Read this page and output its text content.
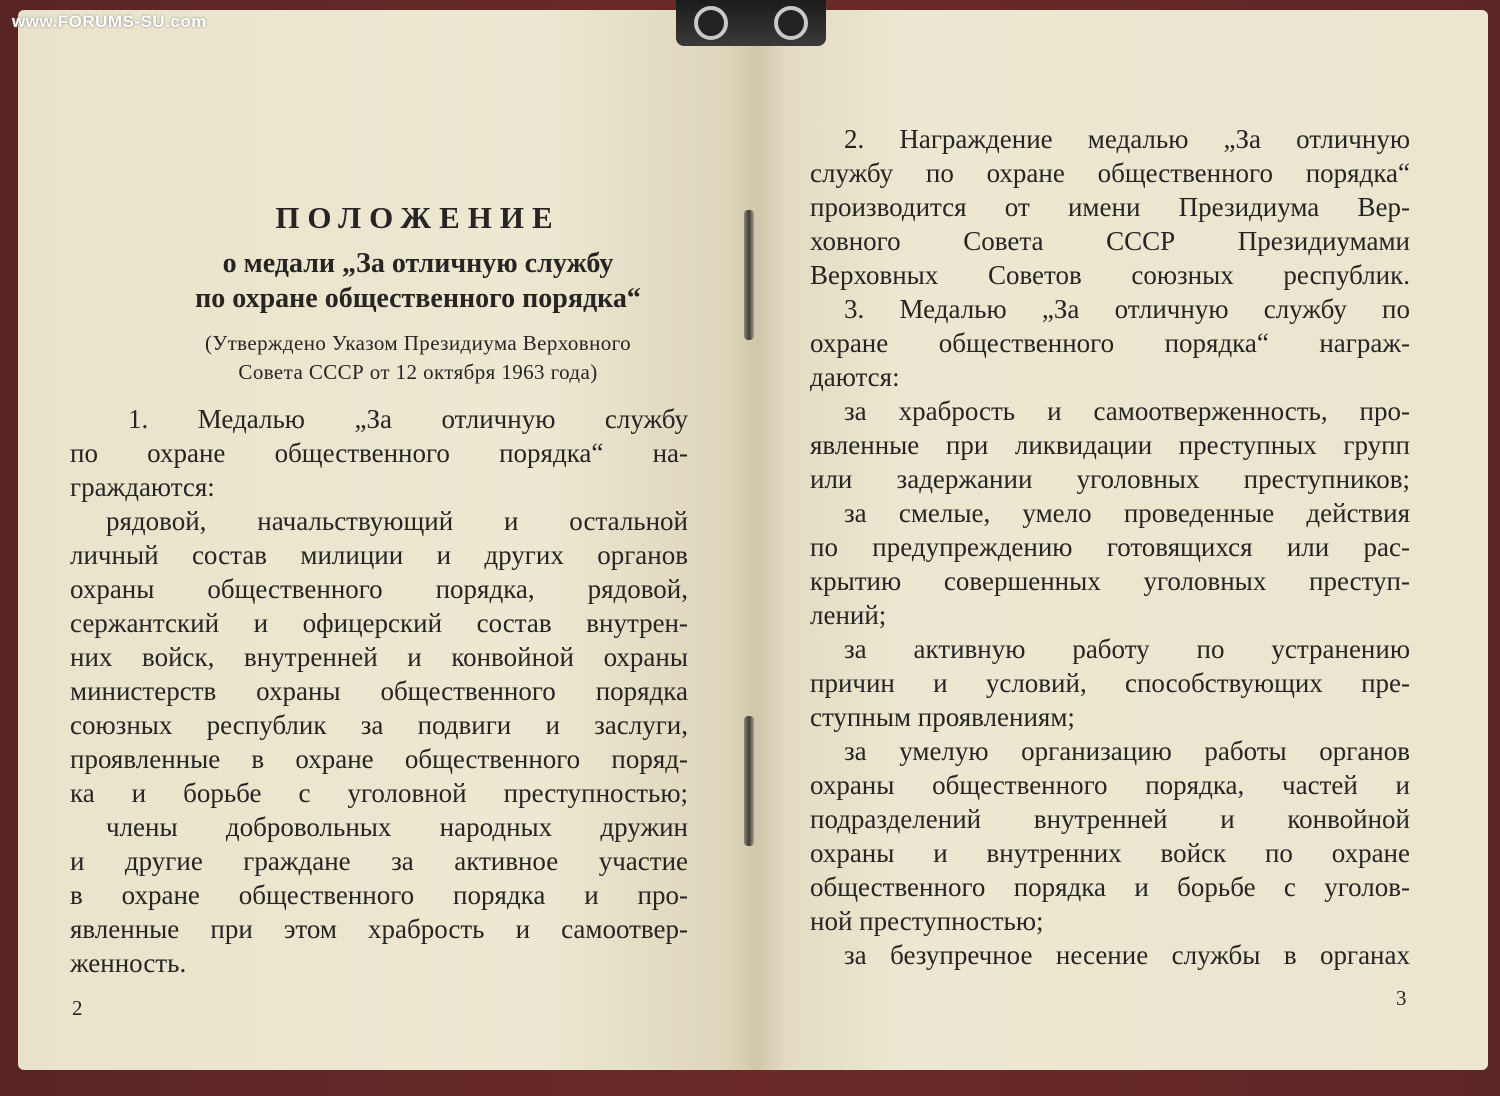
ПОЛОЖЕНИЕ
о медали „За отличную службу
по охране общественного порядка“
(Утверждено Указом Президиума Верховного
Совета СССР от 12 октября 1963 года)
1. Медалью „За отличную службу
по охране общественного порядка“ на-
граждаются:
рядовой, начальствующий и остальной
личный состав милиции и других органов
охраны общественного порядка, рядовой,
сержантский и офицерский состав внутрен-
них войск, внутренней и конвойной охраны
министерств охраны общественного порядка
союзных республик за подвиги и заслуги,
проявленные в охране общественного поряд-
ка и борьбе с уголовной преступностью;
члены добровольных народных дружин
и другие граждане за активное участие
в охране общественного порядка и про-
явленные при этом храбрость и самоотвер-
женность.
2
2. Награждение медалью „За отличную
службу по охране общественного порядка“
производится от имени Президиума Вер-
ховного Совета СССР Президиумами
Верховных Советов союзных республик.
3. Медалью „За отличную службу по
охране общественного порядка“ награж-
даются:
за храбрость и самоотверженность, про-
явленные при ликвидации преступных групп
или задержании уголовных преступников;
за смелые, умело проведенные действия
по предупреждению готовящихся или рас-
крытию совершенных уголовных преступ-
лений;
за активную работу по устранению
причин и условий, способствующих пре-
ступным проявлениям;
за умелую организацию работы органов
охраны общественного порядка, частей и
подразделений внутренней и конвойной
охраны и внутренних войск по охране
общественного порядка и борьбе с уголов-
ной преступностью;
за безупречное несение службы в органах
3
www.FORUMS-SU.com
